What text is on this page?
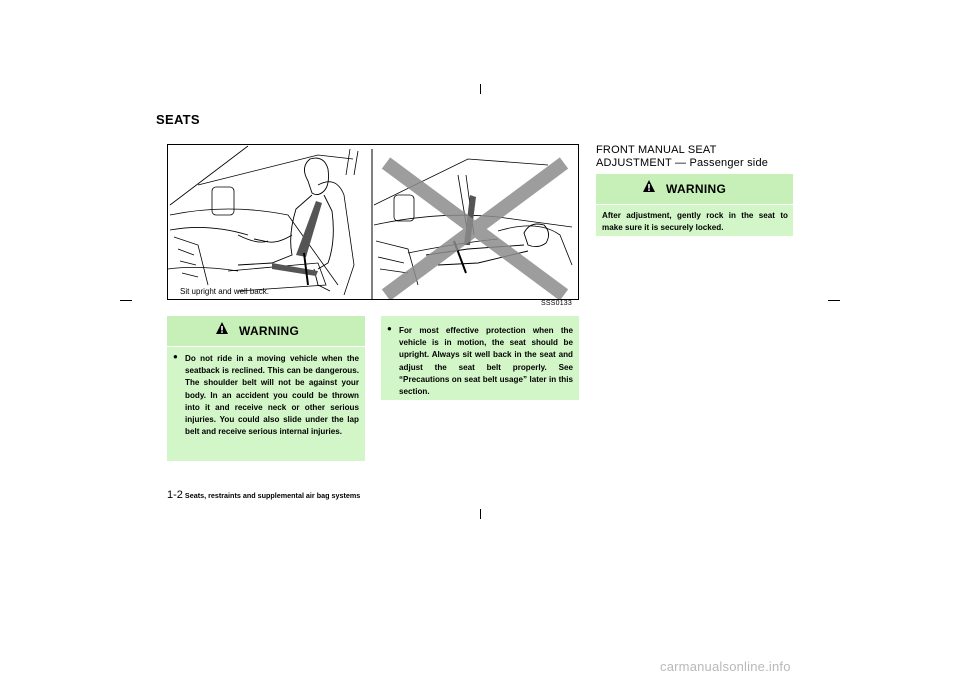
SEATS
Sit upright and well back.
SSS0133
WARNING
● Do not ride in a moving vehicle when the seatback is reclined. This can be dangerous. The shoulder belt will not be against your body. In an accident you could be thrown into it and receive neck or other serious injuries. You could also slide under the lap belt and receive serious internal injuries.
● For most effective protection when the vehicle is in motion, the seat should be upright. Always sit well back in the seat and adjust the seat belt properly. See “Precautions on seat belt usage” later in this section.
FRONT MANUAL SEAT
ADJUSTMENT — Passenger side
WARNING
After adjustment, gently rock in the seat to make sure it is securely locked.
1-2 Seats, restraints and supplemental air bag systems
carmanualsonline.info
